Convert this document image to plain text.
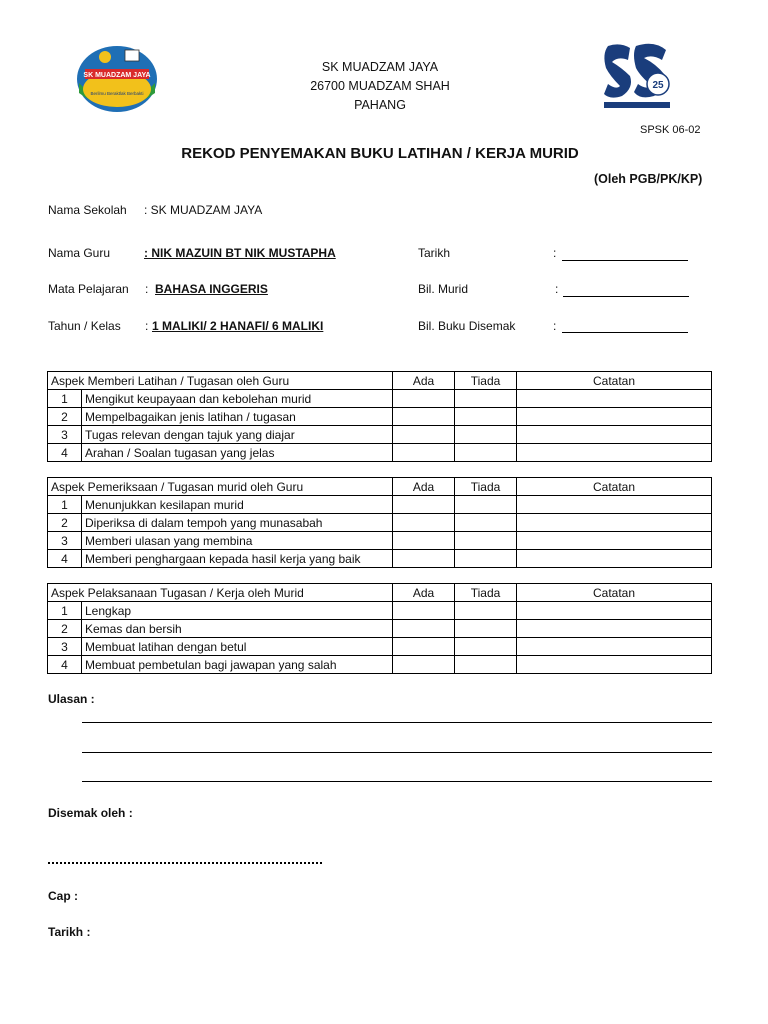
SK MUADZAM JAYA
Berilmu Beraktlak Berbakti
25
SK MUADZAM JAYA
26700 MUADZAM SHAH
PAHANG
SPSK 06-02
REKOD PENYEMAKAN BUKU LATIHAN / KERJA MURID
(Oleh PGB/PK/KP)
Nama Sekolah : SK MUADZAM JAYA
Nama Guru	: NIK MAZUIN BT NIK MUSTAPHA
Mata Pelajaran : BAHASA INGGERIS
Tahun / Kelas : 1 MALIKI/ 2 HANAFI/ 6 MALIKI
Tarikh	:
Bil. Murid	:
Bil. Buku Disemak	:
Aspek Memberi Latihan / Tugasan oleh Guru		Ada	Tiada	Catatan
1	Mengikut keupayaan dan kebolehan murid			
2	Mempelbagaikan jenis latihan / tugasan			
3	Tugas relevan dengan tajuk yang diajar			
4	Arahan / Soalan tugasan yang jelas			
Aspek Pemeriksaan / Tugasan murid oleh Guru		Ada	Tiada	Catatan
1	Menunjukkan kesilapan murid			
2	Diperiksa di dalam tempoh yang munasabah			
3	Memberi ulasan yang membina			
4	Memberi penghargaan kepada hasil kerja yang baik			
Aspek Pelaksanaan Tugasan / Kerja oleh Murid		Ada	Tiada	Catatan
1	Lengkap			
2	Kemas dan bersih			
3	Membuat latihan dengan betul			
4	Membuat pembetulan bagi jawapan yang salah			
Ulasan :
Disemak oleh :
Cap :
Tarikh :
